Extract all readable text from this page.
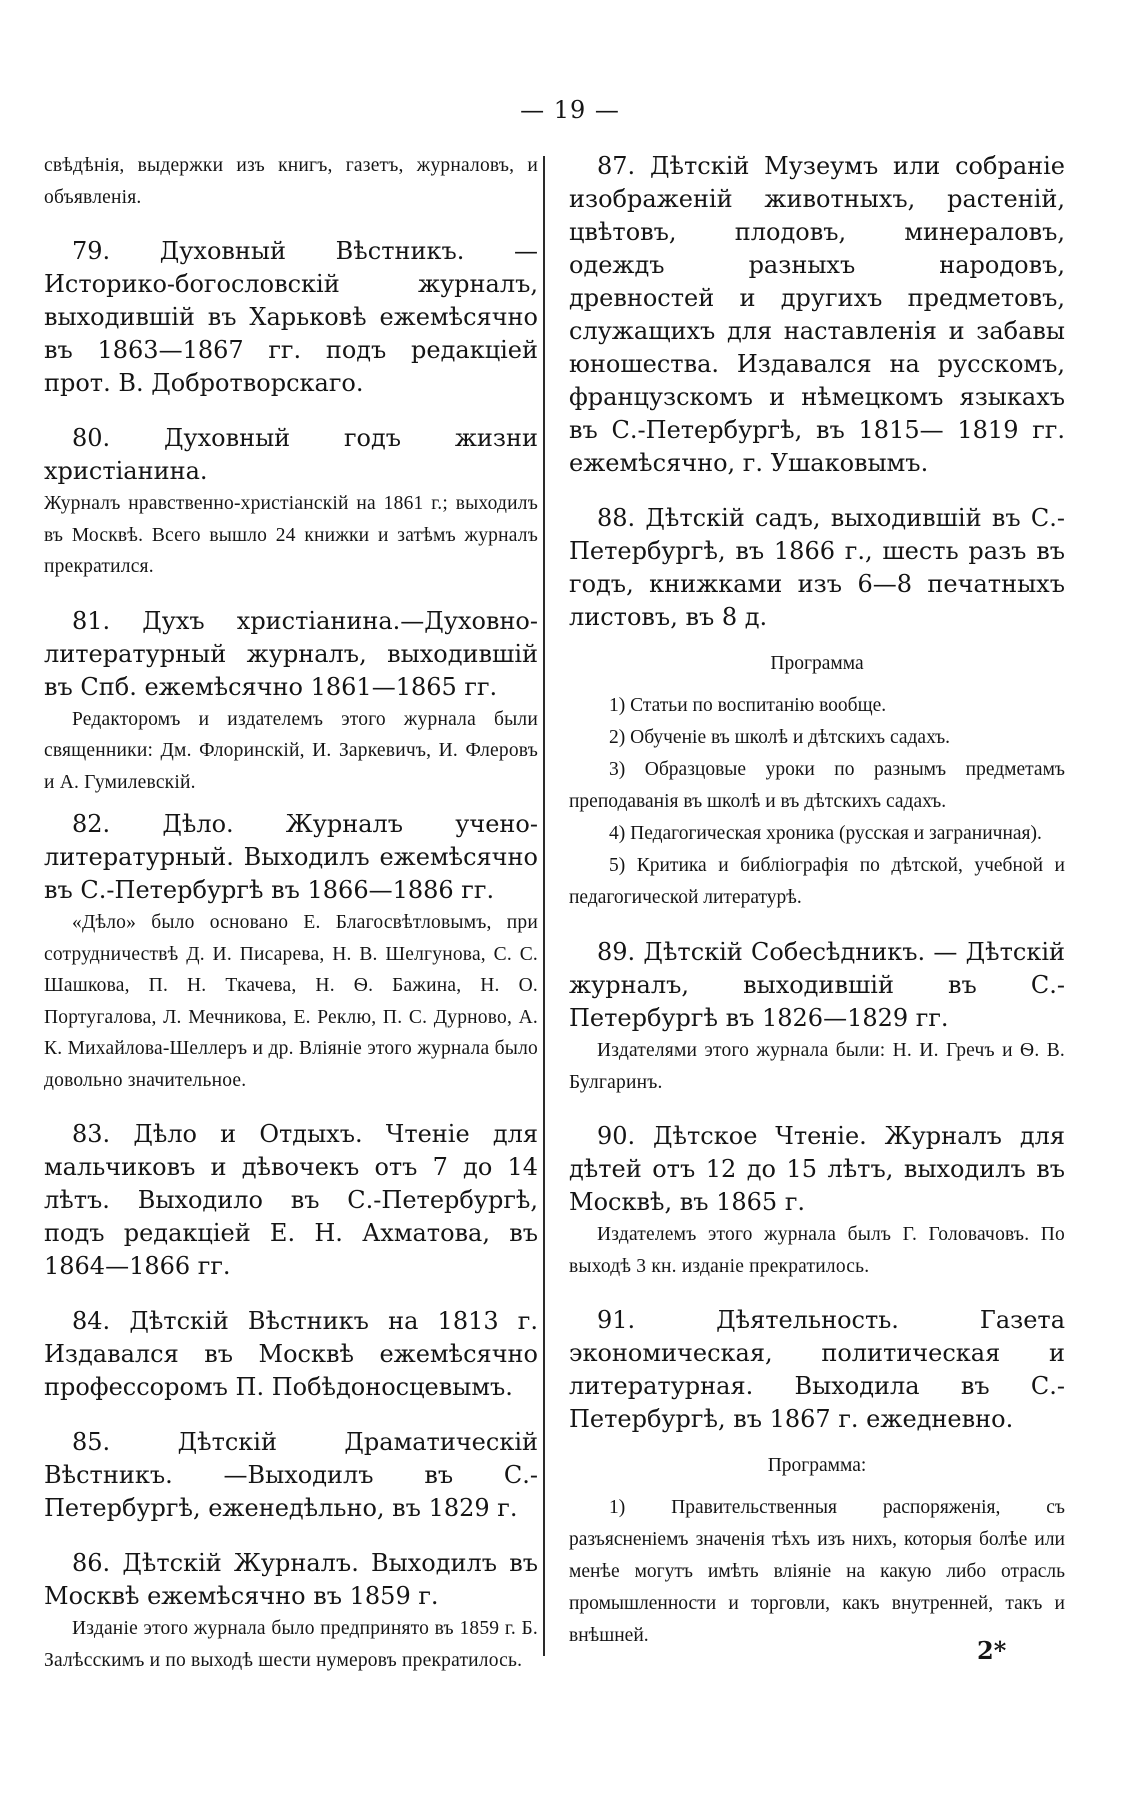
— 19 —

свѣдѣнія, выдержки изъ книгъ, газетъ, журналовъ, и объявленія.

79. Духовный Вѣстникъ. — Историко-богословскій журналъ, выходившій въ Харьковѣ ежемѣсячно въ 1863—1867 гг. подъ редакціей прот. В. Добротворскаго.

80. Духовный годъ жизни христіанина.

Журналъ нравственно-христіанскій на 1861 г.; выходилъ въ Москвѣ. Всего вышло 24 книжки и затѣмъ журналъ прекратился.

81. Духъ христіанина.—Духовно-литературный журналъ, выходившій въ Спб. ежемѣсячно 1861—1865 гг.

Редакторомъ и издателемъ этого журнала были священники: Дм. Флоринскій, И. Заркевичъ, И. Флеровъ и А. Гумилевскій.

82. Дѣло. Журналъ учено-литературный. Выходилъ ежемѣсячно въ С.-Петербургѣ въ 1866—1886 гг.

«Дѣло» было основано Е. Благосвѣтловымъ, при сотрудничествѣ Д. И. Писарева, Н. В. Шелгунова, С. С. Шашкова, П. Н. Ткачева, Н. Ѳ. Бажина, Н. О. Португалова, Л. Мечникова, Е. Реклю, П. С. Дурново, А. К. Михайлова-Шеллеръ и др. Вліяніе этого журнала было довольно значительное.

83. Дѣло и Отдыхъ. Чтеніе для мальчиковъ и дѣвочекъ отъ 7 до 14 лѣтъ. Выходило въ С.-Петербургѣ, подъ редакціей Е. Н. Ахматова, въ 1864—1866 гг.

84. Дѣтскій Вѣстникъ на 1813 г. Издавался въ Москвѣ ежемѣсячно профессоромъ П. Побѣдоносцевымъ.

85. Дѣтскій Драматическій Вѣстникъ. —Выходилъ въ С.-Петербургѣ, еженедѣльно, въ 1829 г.

86. Дѣтскій Журналъ. Выходилъ въ Москвѣ ежемѣсячно въ 1859 г.

Изданіе этого журнала было предпринято въ 1859 г. Б. Залѣсскимъ и по выходѣ шести нумеровъ прекратилось.

87. Дѣтскій Музеумъ или собраніе изображеній животныхъ, растеній, цвѣтовъ, плодовъ, минераловъ, одеждъ разныхъ народовъ, древностей и другихъ предметовъ, служащихъ для наставленія и забавы юношества. Издавался на русскомъ, французскомъ и нѣмецкомъ языкахъ въ С.-Петербургѣ, въ 1815— 1819 гг. ежемѣсячно, г. Ушаковымъ.

88. Дѣтскій садъ, выходившій въ С.-Петербургѣ, въ 1866 г., шесть разъ въ годъ, книжками изъ 6—8 печатныхъ листовъ, въ 8 д.

Программа

1) Статьи по воспитанію вообще.

2) Обученіе въ школѣ и дѣтскихъ садахъ.

3) Образцовые уроки по разнымъ предметамъ преподаванія въ школѣ и въ дѣтскихъ садахъ.

4) Педагогическая хроника (русская и заграничная).

5) Критика и библіографія по дѣтской, учебной и педагогической литературѣ.

89. Дѣтскій Собесѣдникъ. — Дѣтскій журналъ, выходившій въ С.-Петербургѣ въ 1826—1829 гг.

Издателями этого журнала были: Н. И. Гречъ и Ѳ. В. Булгаринъ.

90. Дѣтское Чтеніе. Журналъ для дѣтей отъ 12 до 15 лѣтъ, выходилъ въ Москвѣ, въ 1865 г.

Издателемъ этого журнала былъ Г. Головачовъ. По выходѣ 3 кн. изданіе прекратилось.

91. Дѣятельность. Газета экономическая, политическая и литературная. Выходила въ С.-Петербургѣ, въ 1867 г. ежедневно.

Программа:

1) Правительственныя распоряженія, съ разъясненіемъ значенія тѣхъ изъ нихъ, которыя болѣе или менѣе могутъ имѣть вліяніе на какую либо отрасль промышленности и торговли, какъ внутренней, такъ и внѣшней.

2*
